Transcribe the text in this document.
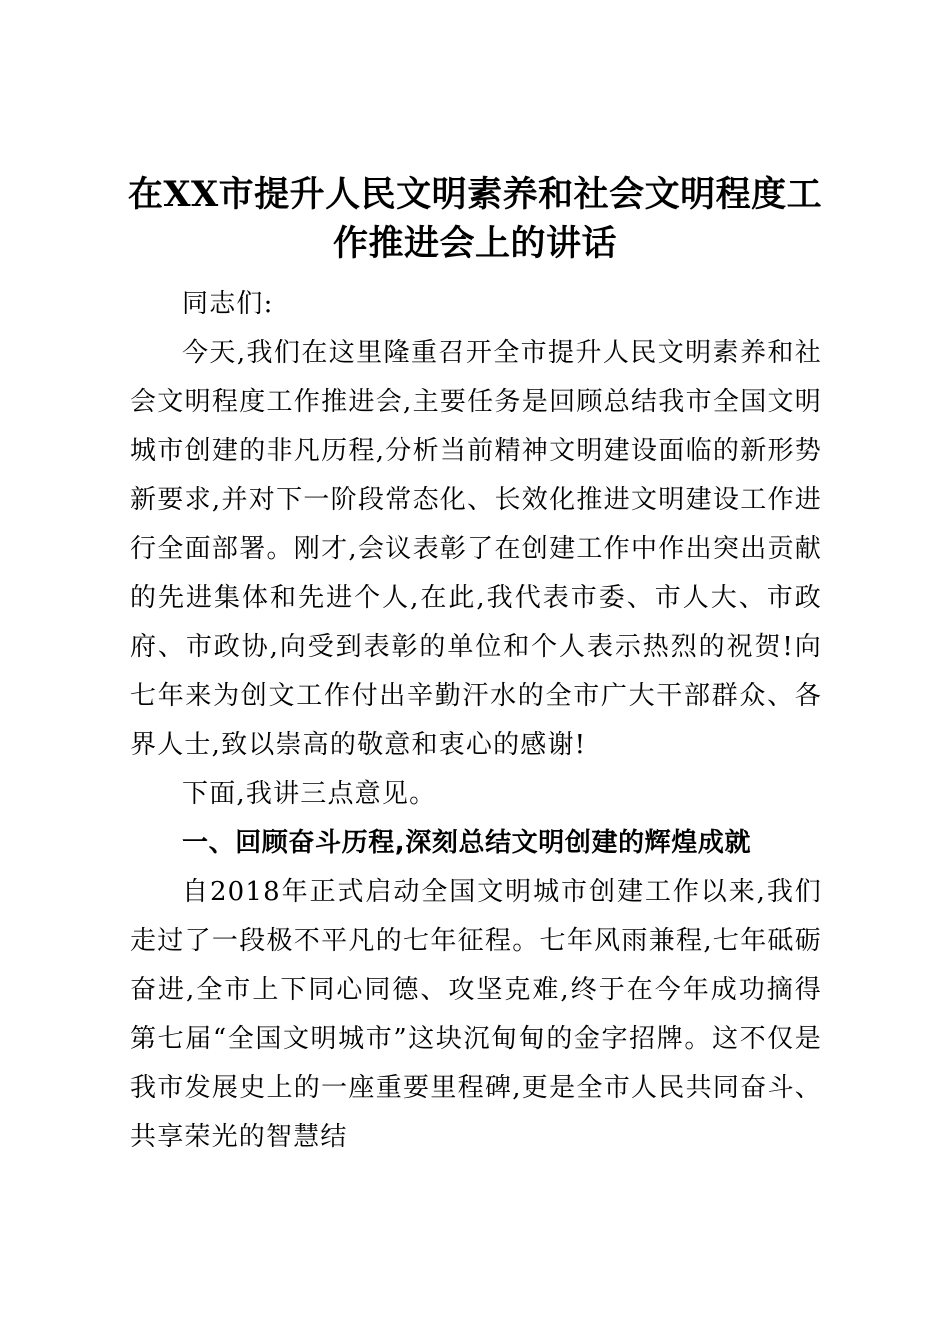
在XX市提升人民文明素养和社会文明程度工作推进会上的讲话

同志们:

今天,我们在这里隆重召开全市提升人民文明素养和社会文明程度工作推进会,主要任务是回顾总结我市全国文明城市创建的非凡历程,分析当前精神文明建设面临的新形势新要求,并对下一阶段常态化、长效化推进文明建设工作进行全面部署。刚才,会议表彰了在创建工作中作出突出贡献的先进集体和先进个人,在此,我代表市委、市人大、市政府、市政协,向受到表彰的单位和个人表示热烈的祝贺!向七年来为创文工作付出辛勤汗水的全市广大干部群众、各界人士,致以崇高的敬意和衷心的感谢!

下面,我讲三点意见。

一、回顾奋斗历程,深刻总结文明创建的辉煌成就

自2018年正式启动全国文明城市创建工作以来,我们走过了一段极不平凡的七年征程。七年风雨兼程,七年砥砺奋进,全市上下同心同德、攻坚克难,终于在今年成功摘得第七届“全国文明城市”这块沉甸甸的金字招牌。这不仅是我市发展史上的一座重要里程碑,更是全市人民共同奋斗、共享荣光的智慧结
